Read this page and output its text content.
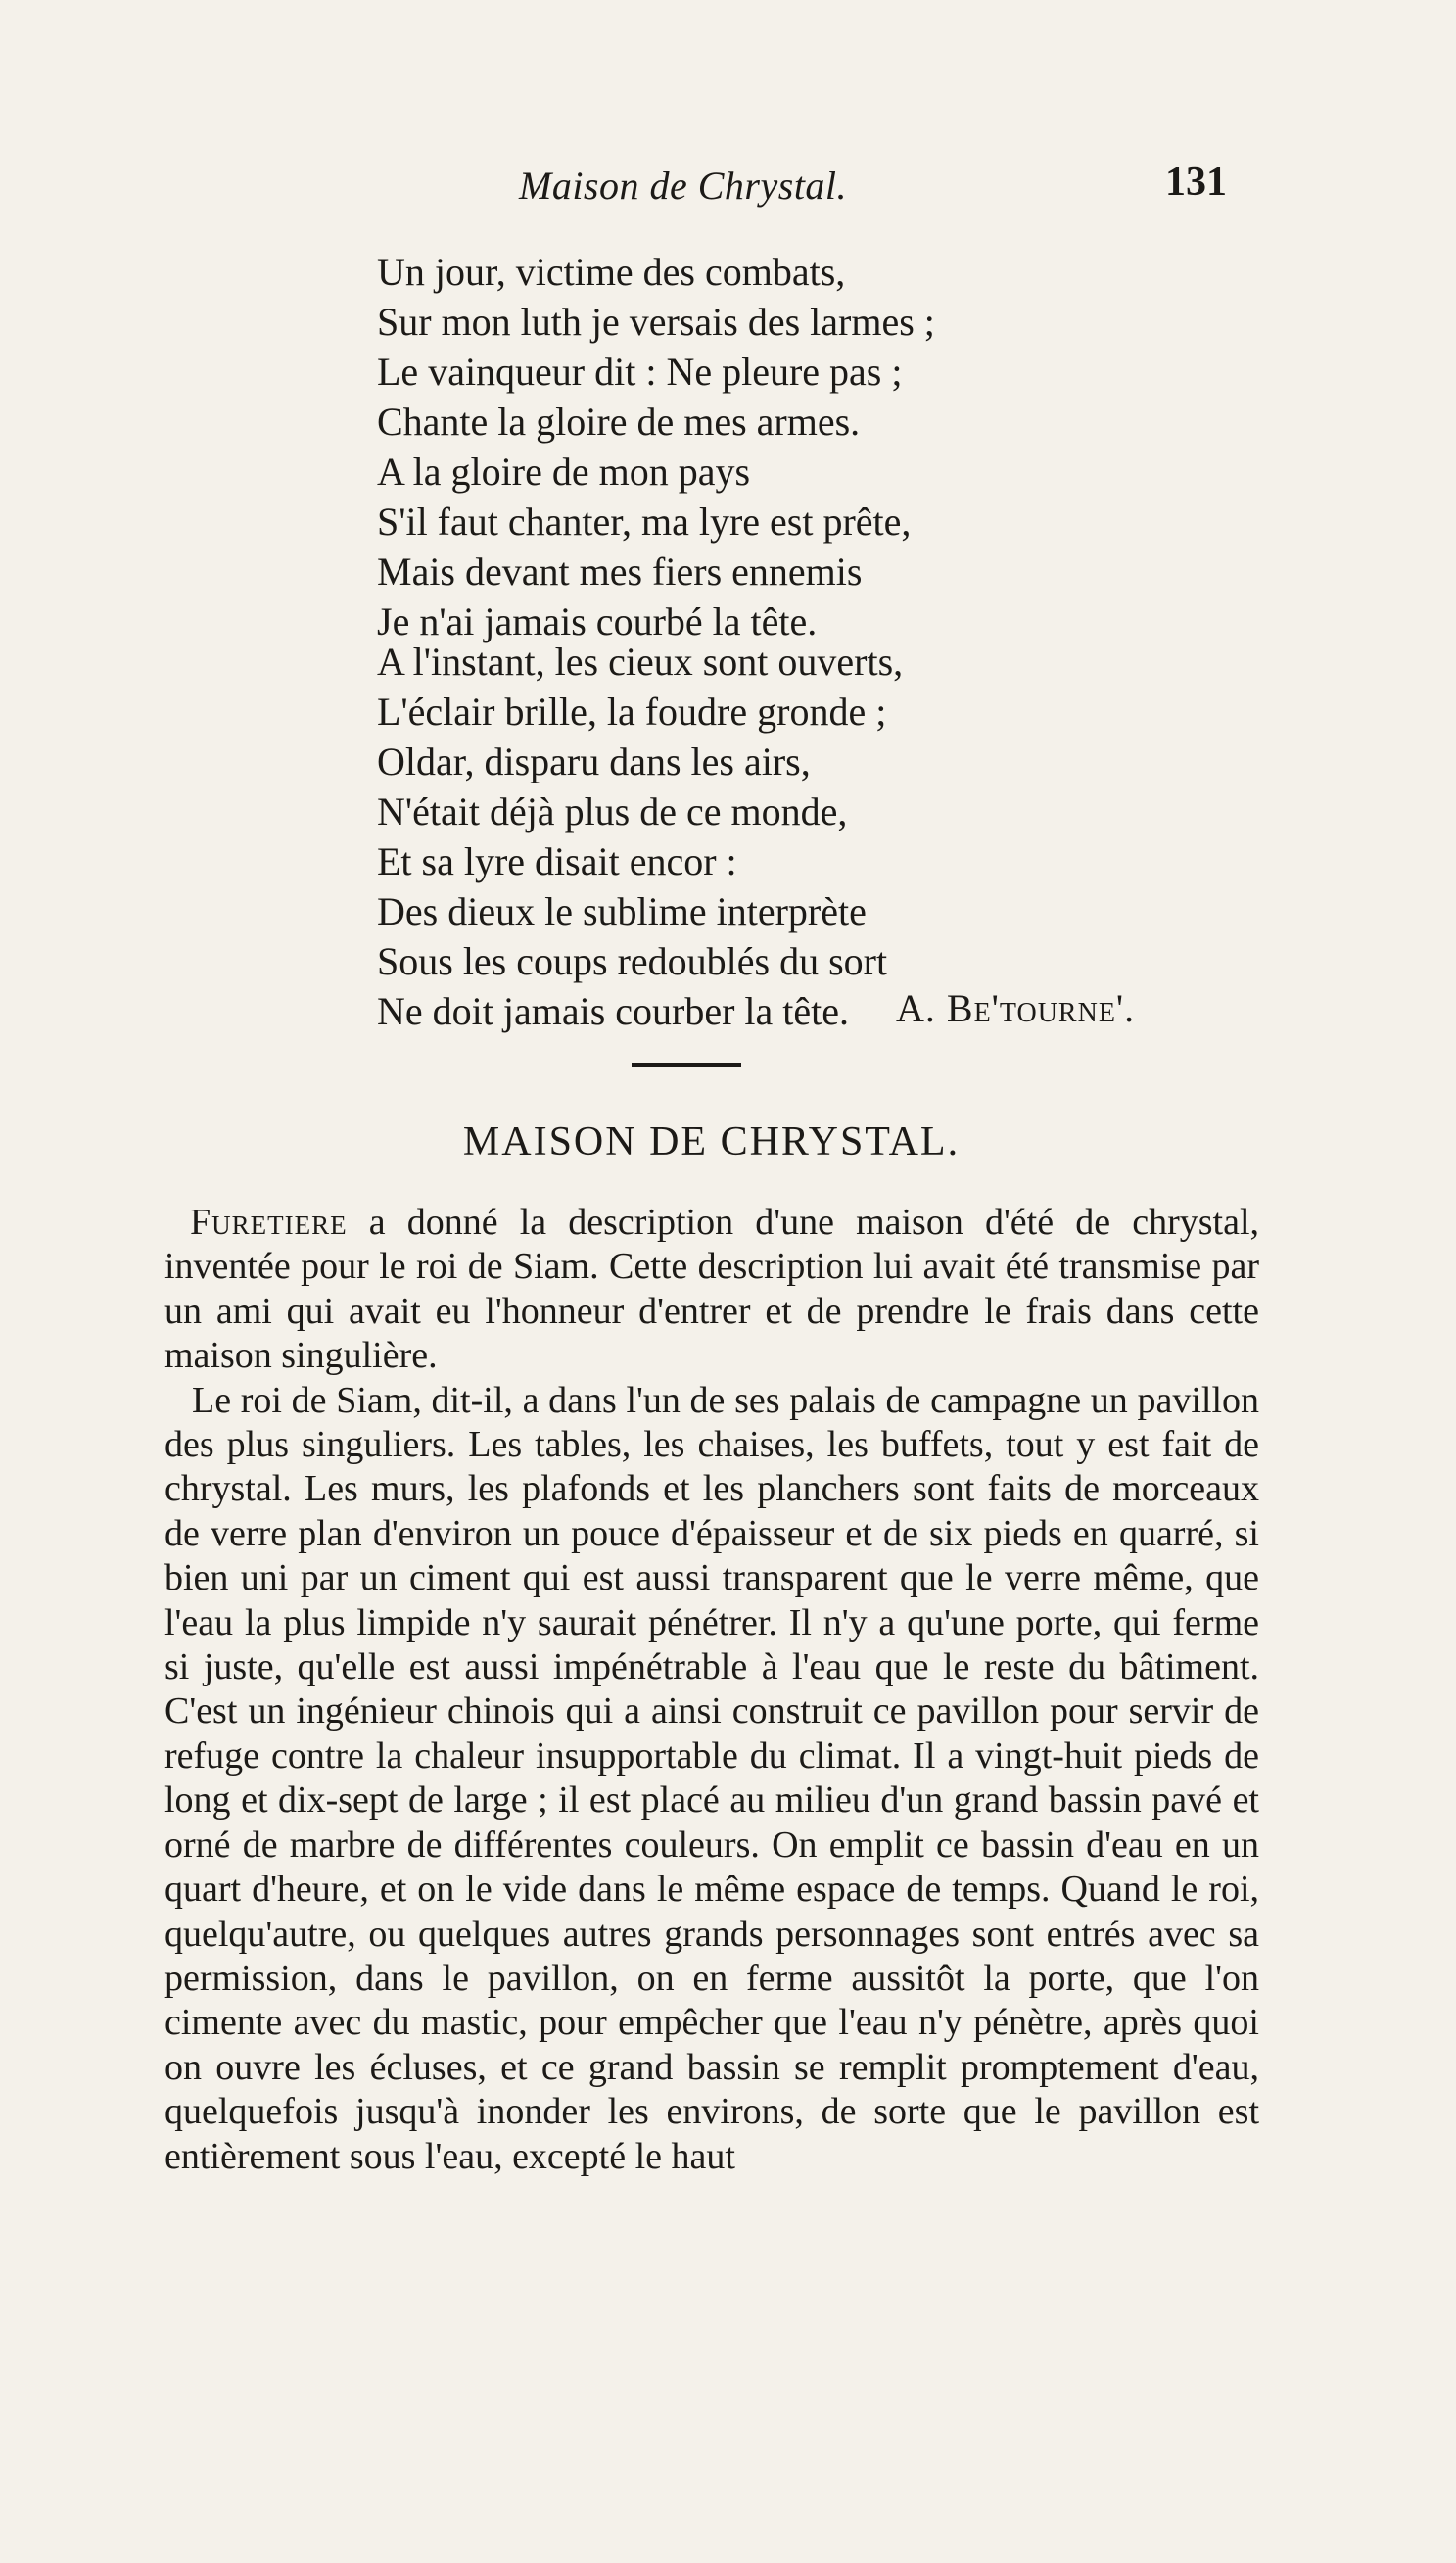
Maison de Chrystal.	131
Un jour, victime des combats,
Sur mon luth je versais des larmes ;
Le vainqueur dit : Ne pleure pas ;
Chante la gloire de mes armes.
A la gloire de mon pays
S'il faut chanter, ma lyre est prête,
Mais devant mes fiers ennemis
Je n'ai jamais courbé la tête.
A l'instant, les cieux sont ouverts,
L'éclair brille, la foudre gronde ;
Oldar, disparu dans les airs,
N'était déjà plus de ce monde,
Et sa lyre disait encor :
Des dieux le sublime interprète
Sous les coups redoublés du sort
Ne doit jamais courber la tête.	A. Be'tourne'.
MAISON DE CHRYSTAL.

Furetiere a donné la description d'une maison d'été de chrystal, inventée pour le roi de Siam. Cette description lui avait été transmise par un ami qui avait eu l'honneur d'entrer et de prendre le frais dans cette maison singulière.

Le roi de Siam, dit-il, a dans l'un de ses palais de campagne un pavillon des plus singuliers. Les tables, les chaises, les buffets, tout y est fait de chrystal. Les murs, les plafonds et les planchers sont faits de morceaux de verre plan d'environ un pouce d'épaisseur et de six pieds en quarré, si bien uni par un ciment qui est aussi transparent que le verre même, que l'eau la plus limpide n'y saurait pénétrer. Il n'y a qu'une porte, qui ferme si juste, qu'elle est aussi impénétrable à l'eau que le reste du bâtiment. C'est un ingénieur chinois qui a ainsi construit ce pavillon pour servir de refuge contre la chaleur insupportable du climat. Il a vingt-huit pieds de long et dix-sept de large ; il est placé au milieu d'un grand bassin pavé et orné de marbre de différentes couleurs. On emplit ce bassin d'eau en un quart d'heure, et on le vide dans le même espace de temps. Quand le roi, quelqu'autre, ou quelques autres grands personnages sont entrés avec sa permission, dans le pavillon, on en ferme aussitôt la porte, que l'on cimente avec du mastic, pour empêcher que l'eau n'y pénètre, après quoi on ouvre les écluses, et ce grand bassin se remplit promptement d'eau, quelquefois jusqu'à inonder les environs, de sorte que le pavillon est entièrement sous l'eau, excepté le haut
